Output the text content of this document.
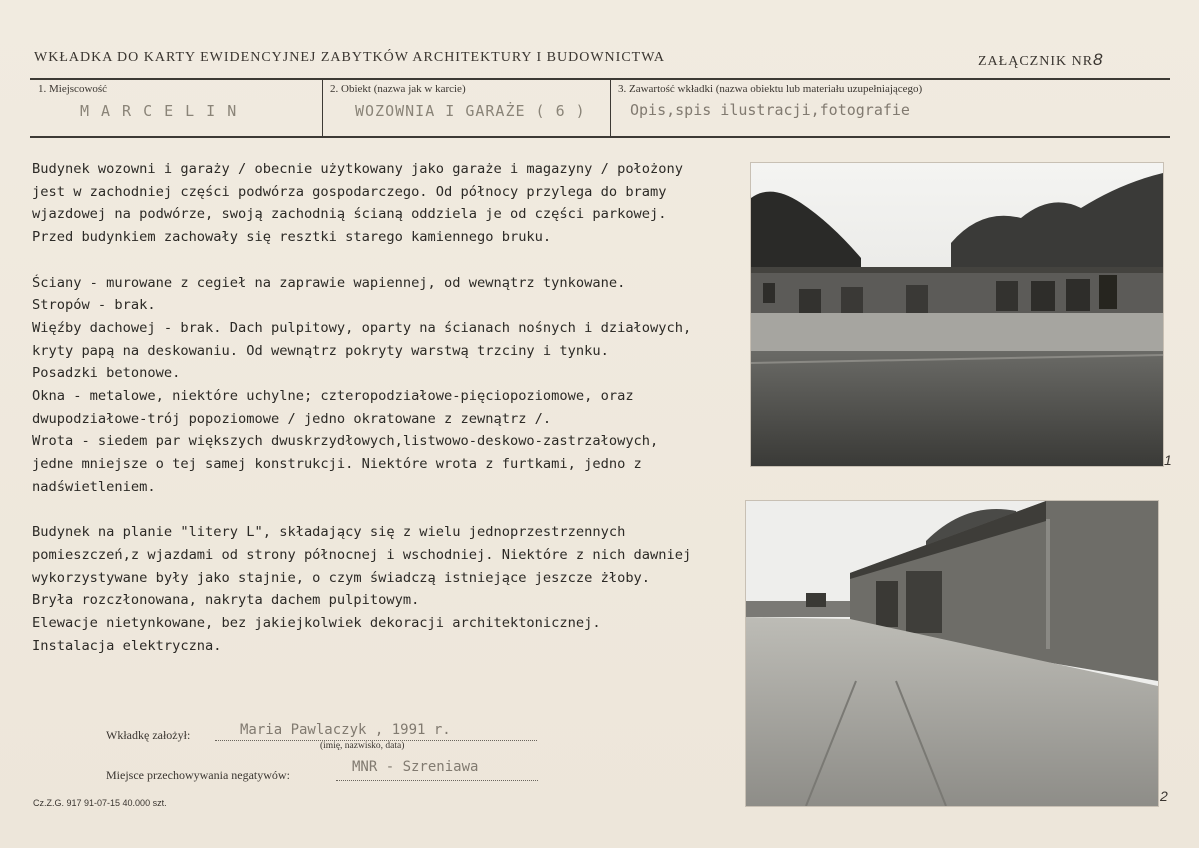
WKŁADKA DO KARTY EWIDENCYJNEJ ZABYTKÓW ARCHITEKTURY I BUDOWNICTWA	ZAŁĄCZNIK NR8
1. Miejscowość
MARCELIN
2. Obiekt (nazwa jak w karcie)
WOZOWNIA I GARAŻE ( 6 )
3. Zawartość wkładki (nazwa obiektu lub materiału uzupełniającego)
Opis,spis ilustracji,fotografie

Budynek wozowni i garaży / obecnie użytkowany jako garaże i magazyny / położony jest w zachodniej części podwórza gospodarczego. Od północy przylega do bramy wjazdowej na podwórze, swoją zachodnią ścianą oddziela je od części parkowej. Przed budynkiem zachowały się resztki starego kamiennego bruku.

Ściany - murowane z cegieł na zaprawie wapiennej, od wewnątrz tynkowane.
Stropów - brak.
Więźby dachowej - brak. Dach pulpitowy, oparty na ścianach nośnych i działowych, kryty papą na deskowaniu. Od wewnątrz pokryty warstwą trzciny i tynku.
Posadzki betonowe.
Okna - metalowe, niektóre uchylne; czteropodziałowe-pięciopoziomowe, oraz dwupodziałowe-trój popoziomowe / jedno okratowane z zewnątrz /.
Wrota - siedem par większych dwuskrzydłowych,listwowo-deskowo-zastrzałowych, jedne mniejsze o tej samej konstrukcji. Niektóre wrota z furtkami, jedno z nadświetleniem.

Budynek na planie "litery L", składający się z wielu jednoprzestrzennych pomieszczeń,z wjazdami od strony północnej i wschodniej. Niektóre z nich dawniej wykorzystywane były jako stajnie, o czym świadczą istniejące jeszcze żłoby. Bryła rozczłonowana, nakryta dachem pulpitowym.
Elewacje nietynkowane, bez jakiejkolwiek dekoracji architektonicznej.
Instalacja elektryczna.

Wkładkę założył:	Maria Pawlaczyk , 1991 r.
(imię, nazwisko, data)
Miejsce przechowywania negatywów:	MNR - Szreniawa
Cz.Z.G. 917 91-07-15 40.000 szt.
1
2
